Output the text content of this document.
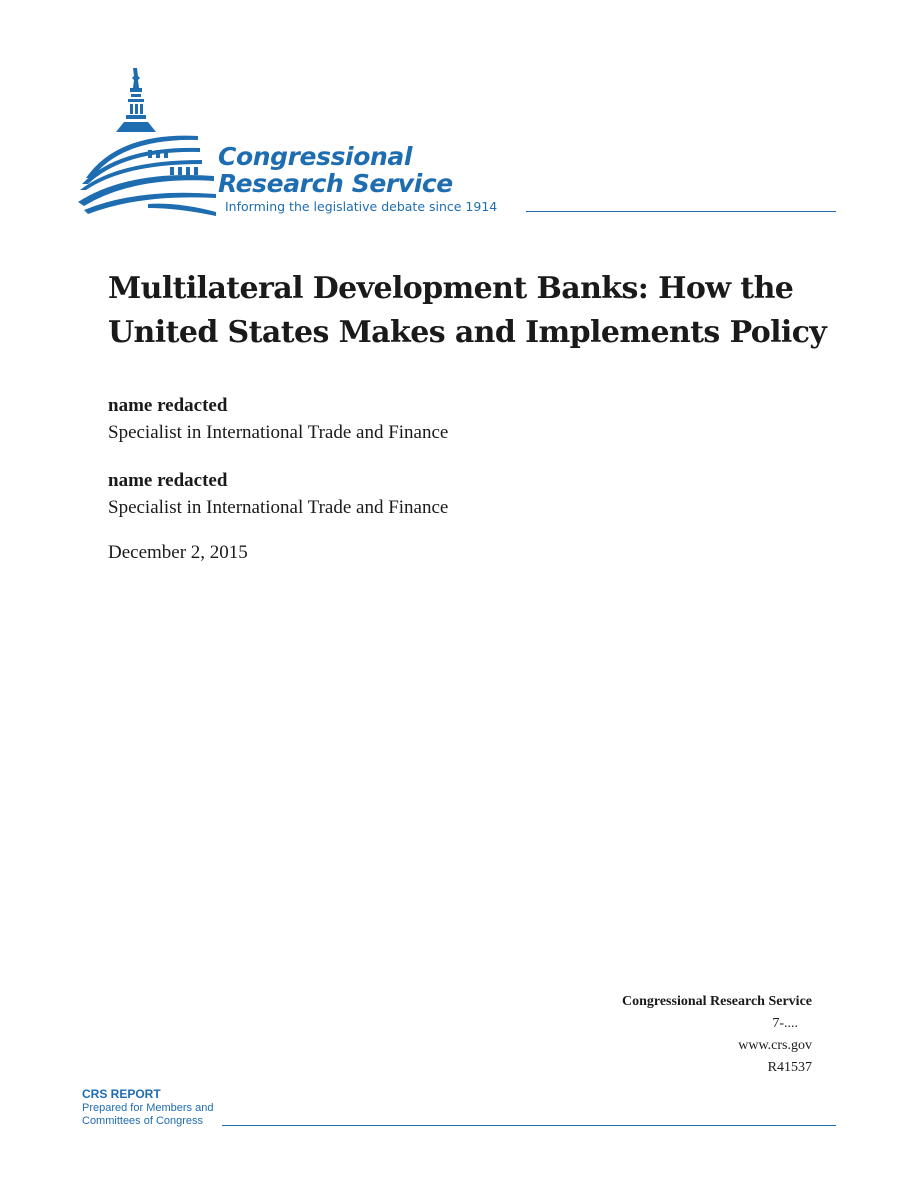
Congressional
Research Service
Informing the legislative debate since 1914
Multilateral Development Banks: How the United States Makes and Implements Policy
name redacted
Specialist in International Trade and Finance
name redacted
Specialist in International Trade and Finance
December 2, 2015
Congressional Research Service
7-....
www.crs.gov
R41537
CRS REPORT
Prepared for Members and
Committees of Congress
